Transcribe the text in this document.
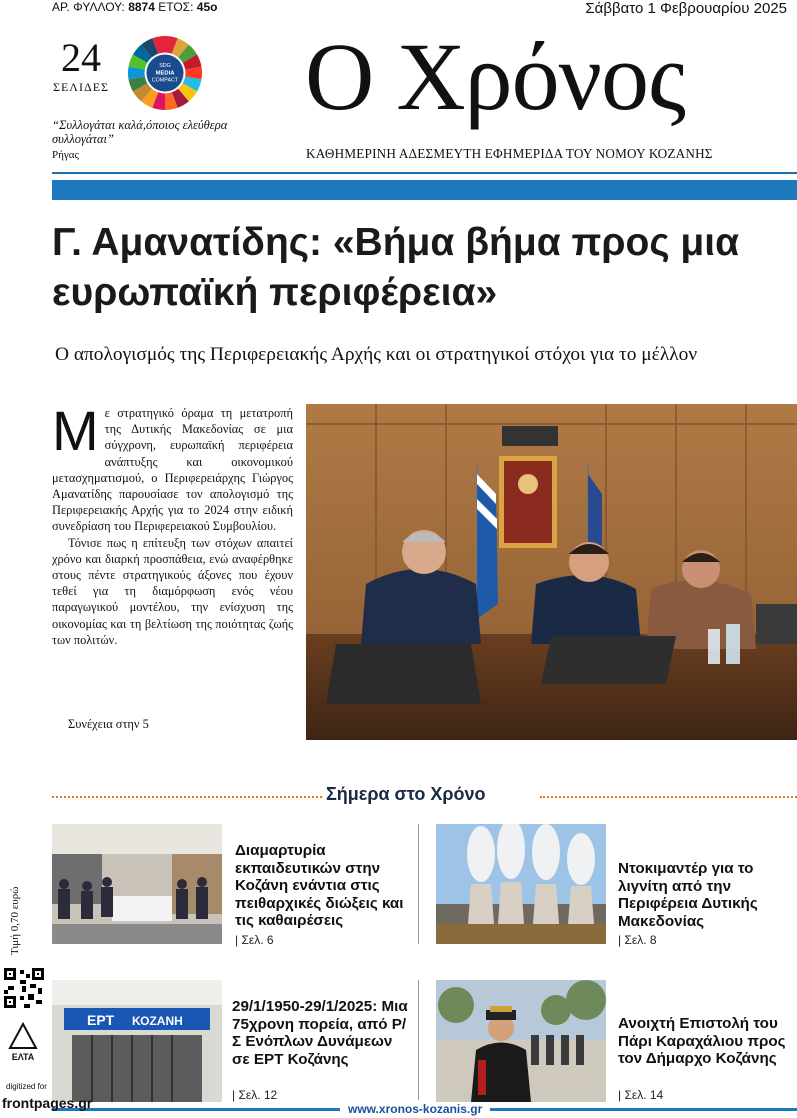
ΑΡ. ΦΥΛΛΟΥ: 8874 ΕΤΟΣ: 45ο	Σάββατο 1 Φεβρουαρίου 2025
24
ΣΕΛΙΔΕΣ
SDG
MEDIA
COMPACT
“Συλλογάται καλά,όποιος ελεύθερα συλλογάται”
Ρήγας
Ο Χρόνος
ΚΑΘΗΜΕΡΙΝΗ ΑΔΕΣΜΕΥΤΗ ΕΦΗΜΕΡΙΔΑ ΤΟΥ ΝΟΜΟΥ ΚΟΖΑΝΗΣ
Γ. Αμανατίδης: «Βήμα βήμα προς μια ευρωπαϊκή περιφέρεια»
Ο απολογισμός της Περιφερειακής Αρχής και οι στρατηγικοί στόχοι για το μέλλον
Μ ε στρατηγικό όραμα τη μετατροπή της Δυτικής Μακεδονίας σε μια σύγχρονη, ευρωπαϊκή περιφέρεια ανάπτυξης και οικονομικού μετασχηματισμού, ο Περιφερειάρχης Γιώργος Αμανατίδης παρουσίασε τον απολογισμό της Περιφερειακής Αρχής για το 2024 στην ειδική συνεδρίαση του Περιφερειακού Συμβουλίου.

Τόνισε πως η επίτευξη των στόχων απαιτεί χρόνο και διαρκή προσπάθεια, ενώ αναφέρθηκε στους πέντε στρατηγικούς άξονες που έχουν τεθεί για τη διαμόρφωση ενός νέου παραγωγικού μοντέλου, την ενίσχυση της οικονομίας και τη βελτίωση της ποιότητας ζωής των πολιτών.

Συνέχεια στην 5
Σήμερα στο Χρόνο
Διαμαρτυρία εκπαιδευτικών στην Κοζάνη ενάντια στις πειθαρχικές διώξεις και τις καθαιρέσεις
| Σελ. 6
Ντοκιμαντέρ για το λιγνίτη από την Περιφέρεια Δυτικής Μακεδονίας
| Σελ. 8
ΕΡΤ ΚΟΖΑΝΗ
29/1/1950-29/1/2025: Μια 75χρονη πορεία, από Ρ/Σ Ενόπλων Δυνάμεων σε ΕΡΤ Κοζάνης
| Σελ. 12
Ανοιχτή Επιστολή του Πάρι Καραχάλιου προς τον Δήμαρχο Κοζάνης
| Σελ. 14
Τιμή 0,70 ευρώ
ΕΛΤΑ
www.xronos-kozanis.gr
digitized for
frontpages.gr
